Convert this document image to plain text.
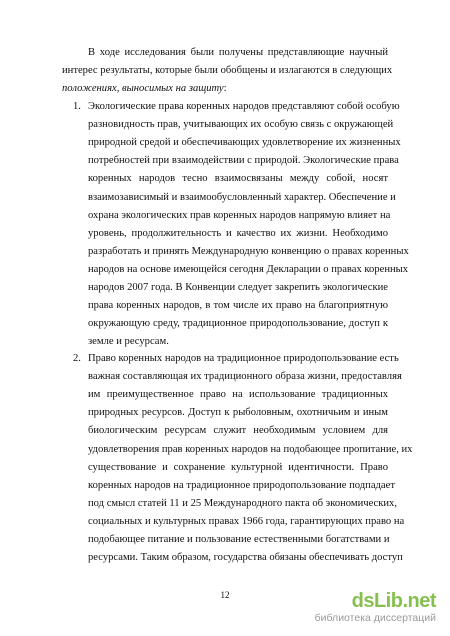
В ходе исследования были получены представляющие научный
интерес результаты, которые были обобщены и излагаются в следующих
положениях, выносимых на защиту:
1. Экологические права коренных народов представляют собой особую
разновидность прав, учитывающих их особую связь с окружающей
природной средой и обеспечивающих удовлетворение их жизненных
потребностей при взаимодействии с природой. Экологические права
коренных народов тесно взаимосвязаны между собой, носят
взаимозависимый и взаимообусловленный характер. Обеспечение и
охрана экологических прав коренных народов напрямую влияет на
уровень, продолжительность и качество их жизни. Необходимо
разработать и принять Международную конвенцию о правах коренных
народов на основе имеющейся сегодня Декларации о правах коренных
народов 2007 года. В Конвенции следует закрепить экологические
права коренных народов, в том числе их право на благоприятную
окружающую среду, традиционное природопользование, доступ к
земле и ресурсам.
2. Право коренных народов на традиционное природопользование есть
важная составляющая их традиционного образа жизни, предоставляя
им преимущественное право на использование традиционных
природных ресурсов. Доступ к рыболовным, охотничьим и иным
биологическим ресурсам служит необходимым условием для
удовлетворения прав коренных народов на подобающее пропитание, их
существование и сохранение культурной идентичности. Право
коренных народов на традиционное природопользование подпадает
под смысл статей 11 и 25 Международного пакта об экономических,
социальных и культурных правах 1966 года, гарантирующих право на
подобающее питание и пользование естественными богатствами и
ресурсами. Таким образом, государства обязаны обеспечивать доступ
12	dsLib.net
библиотека диссертаций
